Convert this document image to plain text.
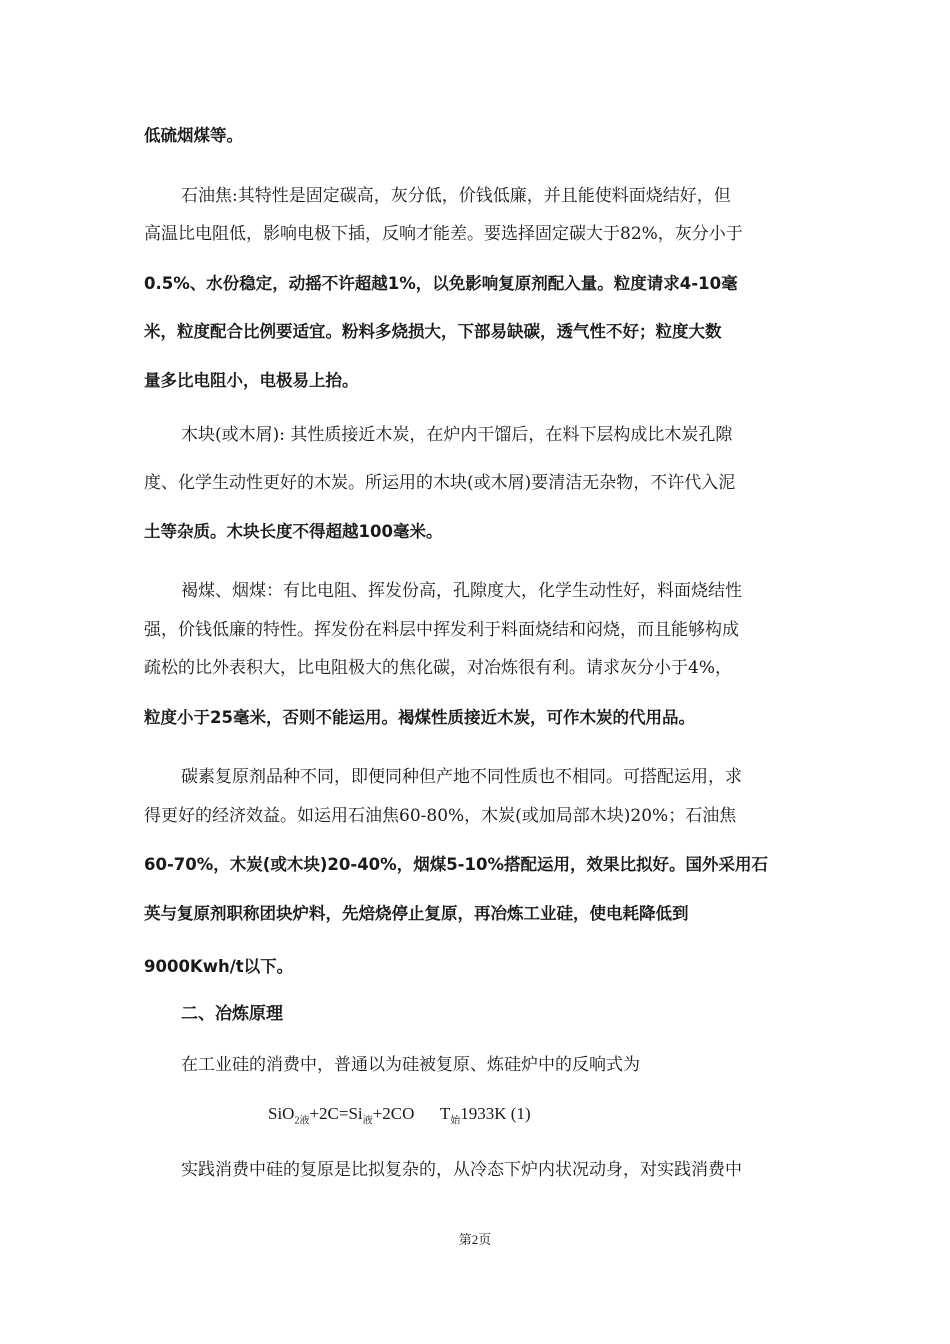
低硫烟煤等。
石油焦:其特性是固定碳高，灰分低，价钱低廉，并且能使料面烧结好，但
高温比电阻低，影响电极下插，反响才能差。要选择固定碳大于82%，灰分小于
0.5%、水份稳定，动摇不许超越1%，以免影响复原剂配入量。粒度请求4-10毫
米，粒度配合比例要适宜。粉料多烧损大，下部易缺碳，透气性不好；粒度大数
量多比电阻小，电极易上抬。
木块(或木屑): 其性质接近木炭，在炉内干馏后，在料下层构成比木炭孔隙
度、化学生动性更好的木炭。所运用的木块(或木屑)要清洁无杂物，不许代入泥
土等杂质。木块长度不得超越100毫米。
褐煤、烟煤：有比电阻、挥发份高，孔隙度大，化学生动性好，料面烧结性
强，价钱低廉的特性。挥发份在料层中挥发利于料面烧结和闷烧，而且能够构成
疏松的比外表积大，比电阻极大的焦化碳，对冶炼很有利。请求灰分小于4%，
粒度小于25毫米，否则不能运用。褐煤性质接近木炭，可作木炭的代用品。
碳素复原剂品种不同，即便同种但产地不同性质也不相同。可搭配运用，求
得更好的经济效益。如运用石油焦60-80%，木炭(或加局部木块)20%；石油焦
60-70%，木炭(或木块)20-40%，烟煤5-10%搭配运用，效果比拟好。国外采用石
英与复原剂职称团块炉料，先焙烧停止复原，再冶炼工业硅，使电耗降低到
9000Kwh/t以下。
二、冶炼原理
在工业硅的消费中，普通以为硅被复原、炼硅炉中的反响式为
$SiO_{2液}+2C=Si_液+2CO$ $T_始1933K$ (1)
实践消费中硅的复原是比拟复杂的，从冷态下炉内状况动身，对实践消费中
第2页
